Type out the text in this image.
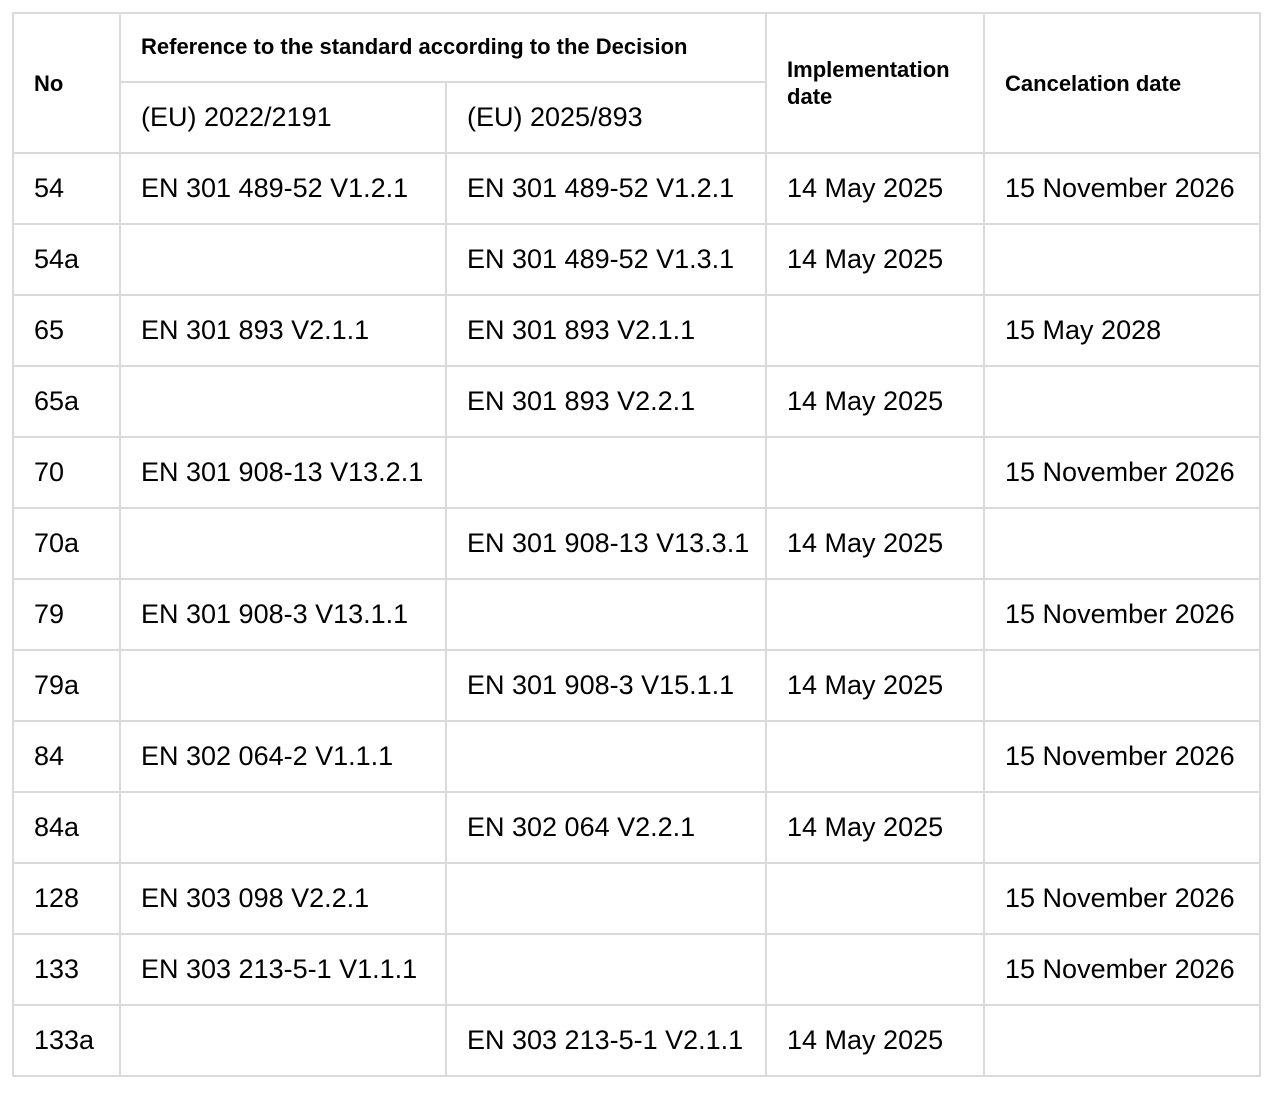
No	Reference to the standard according to the Decision		Implementation date	Cancelation date
	(EU) 2022/2191	(EU) 2025/893		
54	EN 301 489-52 V1.2.1	EN 301 489-52 V1.2.1	14 May 2025	15 November 2026
54a		EN 301 489-52 V1.3.1	14 May 2025	
65	EN 301 893 V2.1.1	EN 301 893 V2.1.1		15 May 2028
65a		EN 301 893 V2.2.1	14 May 2025	
70	EN 301 908-13 V13.2.1			15 November 2026
70a		EN 301 908-13 V13.3.1	14 May 2025	
79	EN 301 908-3 V13.1.1			15 November 2026
79a		EN 301 908-3 V15.1.1	14 May 2025	
84	EN 302 064-2 V1.1.1			15 November 2026
84a		EN 302 064 V2.2.1	14 May 2025	
128	EN 303 098 V2.2.1			15 November 2026
133	EN 303 213-5-1 V1.1.1			15 November 2026
133a		EN 303 213-5-1 V2.1.1	14 May 2025	
